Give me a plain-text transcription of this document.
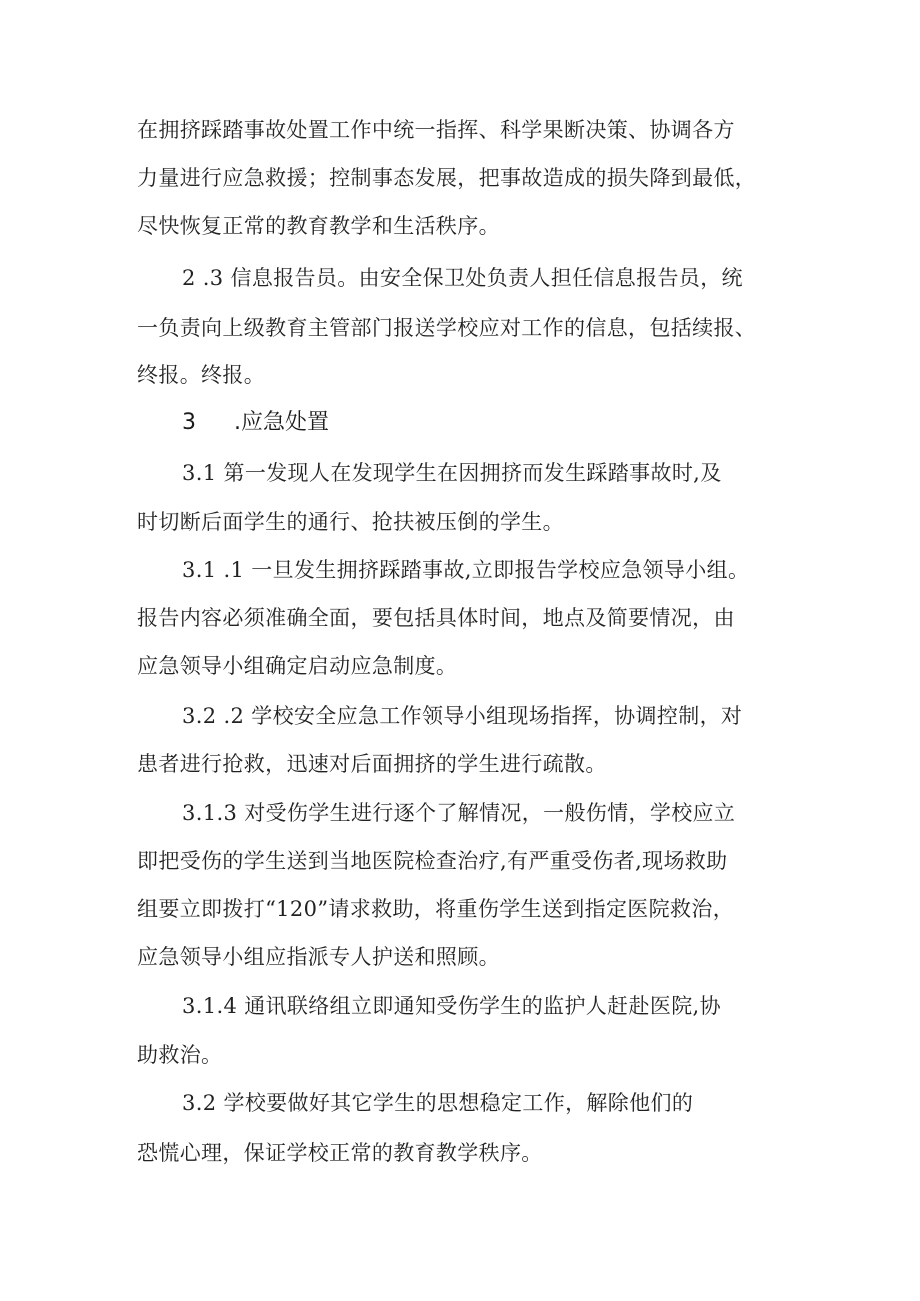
在拥挤踩踏事故处置工作中统一指挥、科学果断决策、协调各方

力量进行应急救援；控制事态发展，把事故造成的损失降到最低，

尽快恢复正常的教育教学和生活秩序。

2 .3 信息报告员。由安全保卫处负责人担任信息报告员，统

一负责向上级教育主管部门报送学校应对工作的信息，包括续报、

终报。终报。

3 .应急处置

3.1 第一发现人在发现学生在因拥挤而发生踩踏事故时,及

时切断后面学生的通行、抢扶被压倒的学生。

3.1 .1 一旦发生拥挤踩踏事故,立即报告学校应急领导小组。

报告内容必须准确全面，要包括具体时间，地点及简要情况，由

应急领导小组确定启动应急制度。

3.2 .2 学校安全应急工作领导小组现场指挥，协调控制，对

患者进行抢救，迅速对后面拥挤的学生进行疏散。

3.1.3 对受伤学生进行逐个了解情况，一般伤情，学校应立

即把受伤的学生送到当地医院检查治疗,有严重受伤者,现场救助

组要立即拨打“120”请求救助，将重伤学生送到指定医院救治，

应急领导小组应指派专人护送和照顾。

3.1.4 通讯联络组立即通知受伤学生的监护人赶赴医院,协

助救治。

3.2 学校要做好其它学生的思想稳定工作，解除他们的

恐慌心理，保证学校正常的教育教学秩序。
